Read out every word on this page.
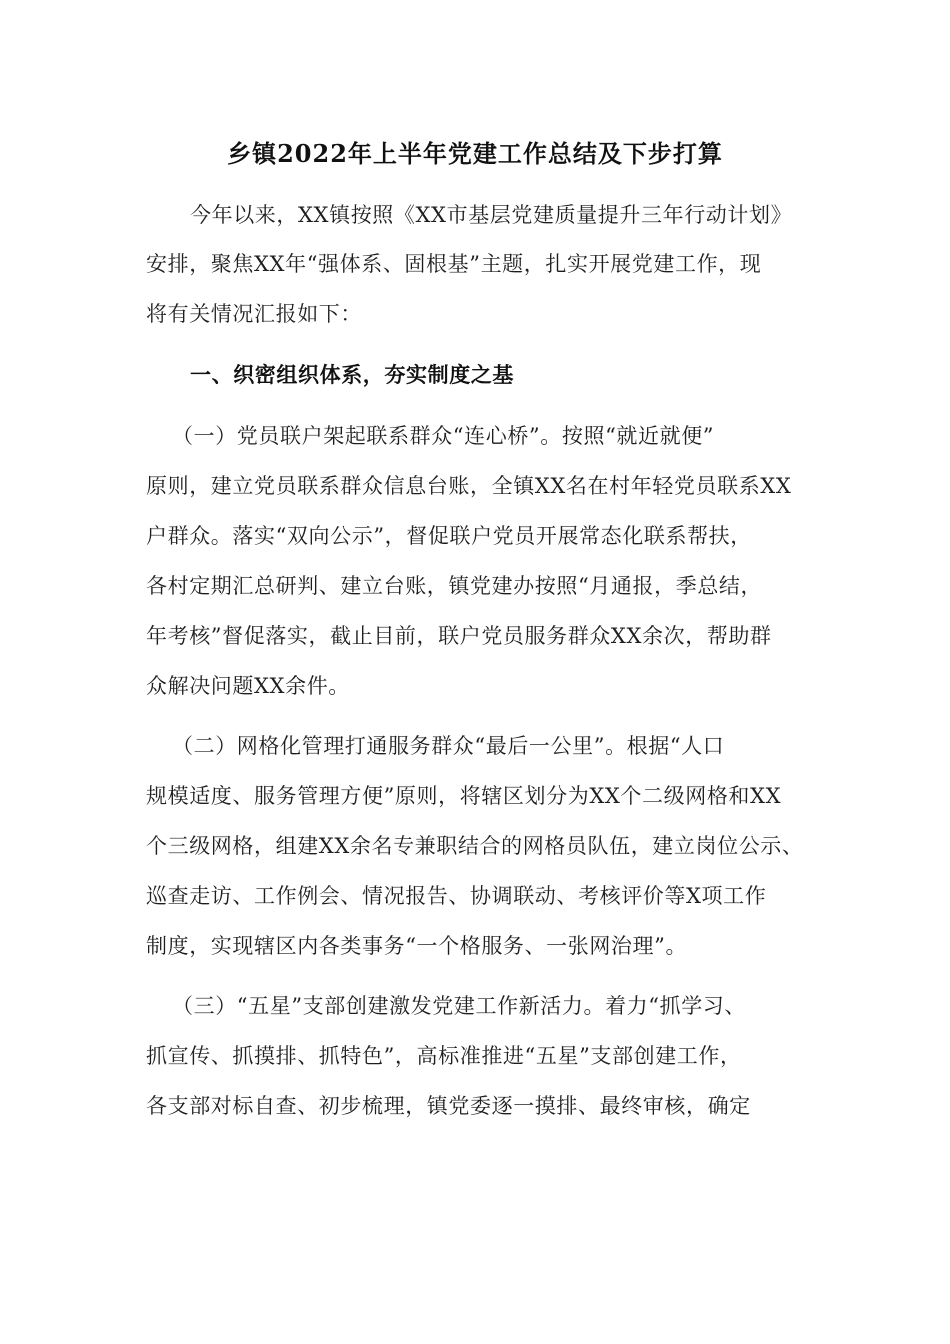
乡镇2022年上半年党建工作总结及下步打算
今年以来，XX镇按照《XX市基层党建质量提升三年行动计划》
安排，聚焦XX年“强体系、固根基”主题，扎实开展党建工作，现
将有关情况汇报如下：
一、织密组织体系，夯实制度之基
（一）党员联户架起联系群众“连心桥”。按照“就近就便”
原则，建立党员联系群众信息台账，全镇XX名在村年轻党员联系XX
户群众。落实“双向公示”，督促联户党员开展常态化联系帮扶，
各村定期汇总研判、建立台账，镇党建办按照“月通报，季总结，
年考核”督促落实，截止目前，联户党员服务群众XX余次，帮助群
众解决问题XX余件。
（二）网格化管理打通服务群众“最后一公里”。根据“人口
规模适度、服务管理方便”原则，将辖区划分为XX个二级网格和XX
个三级网格，组建XX余名专兼职结合的网格员队伍，建立岗位公示、
巡查走访、工作例会、情况报告、协调联动、考核评价等X项工作
制度，实现辖区内各类事务“一个格服务、一张网治理”。
（三）“五星”支部创建激发党建工作新活力。着力“抓学习、
抓宣传、抓摸排、抓特色”，高标准推进“五星”支部创建工作，
各支部对标自查、初步梳理，镇党委逐一摸排、最终审核，确定
